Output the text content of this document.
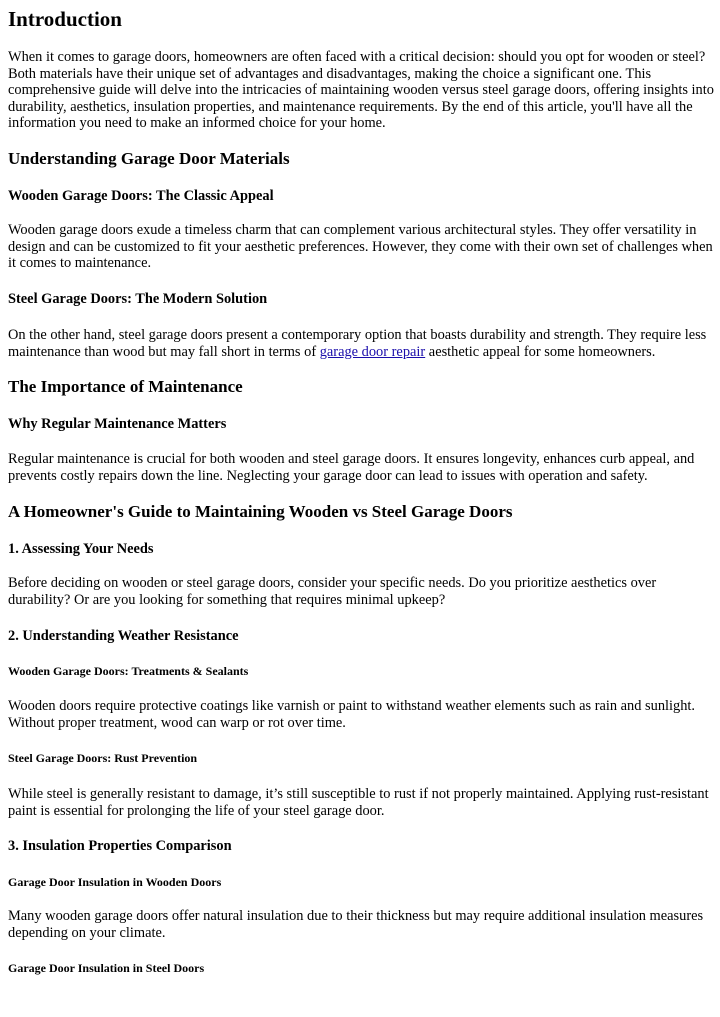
Introduction

When it comes to garage doors, homeowners are often faced with a critical decision: should you opt for wooden or steel? Both materials have their unique set of advantages and disadvantages, making the choice a significant one. This comprehensive guide will delve into the intricacies of maintaining wooden versus steel garage doors, offering insights into durability, aesthetics, insulation properties, and maintenance requirements. By the end of this article, you'll have all the information you need to make an informed choice for your home.

Understanding Garage Door Materials
Wooden Garage Doors: The Classic Appeal

Wooden garage doors exude a timeless charm that can complement various architectural styles. They offer versatility in design and can be customized to fit your aesthetic preferences. However, they come with their own set of challenges when it comes to maintenance.

Steel Garage Doors: The Modern Solution

On the other hand, steel garage doors present a contemporary option that boasts durability and strength. They require less maintenance than wood but may fall short in terms of garage door repair aesthetic appeal for some homeowners.

The Importance of Maintenance
Why Regular Maintenance Matters

Regular maintenance is crucial for both wooden and steel garage doors. It ensures longevity, enhances curb appeal, and prevents costly repairs down the line. Neglecting your garage door can lead to issues with operation and safety.

A Homeowner's Guide to Maintaining Wooden vs Steel Garage Doors
1. Assessing Your Needs

Before deciding on wooden or steel garage doors, consider your specific needs. Do you prioritize aesthetics over durability? Or are you looking for something that requires minimal upkeep?

2. Understanding Weather Resistance
Wooden Garage Doors: Treatments & Sealants

Wooden doors require protective coatings like varnish or paint to withstand weather elements such as rain and sunlight. Without proper treatment, wood can warp or rot over time.

Steel Garage Doors: Rust Prevention

While steel is generally resistant to damage, it’s still susceptible to rust if not properly maintained. Applying rust-resistant paint is essential for prolonging the life of your steel garage door.

3. Insulation Properties Comparison
Garage Door Insulation in Wooden Doors

Many wooden garage doors offer natural insulation due to their thickness but may require additional insulation measures depending on your climate.

Garage Door Insulation in Steel Doors
